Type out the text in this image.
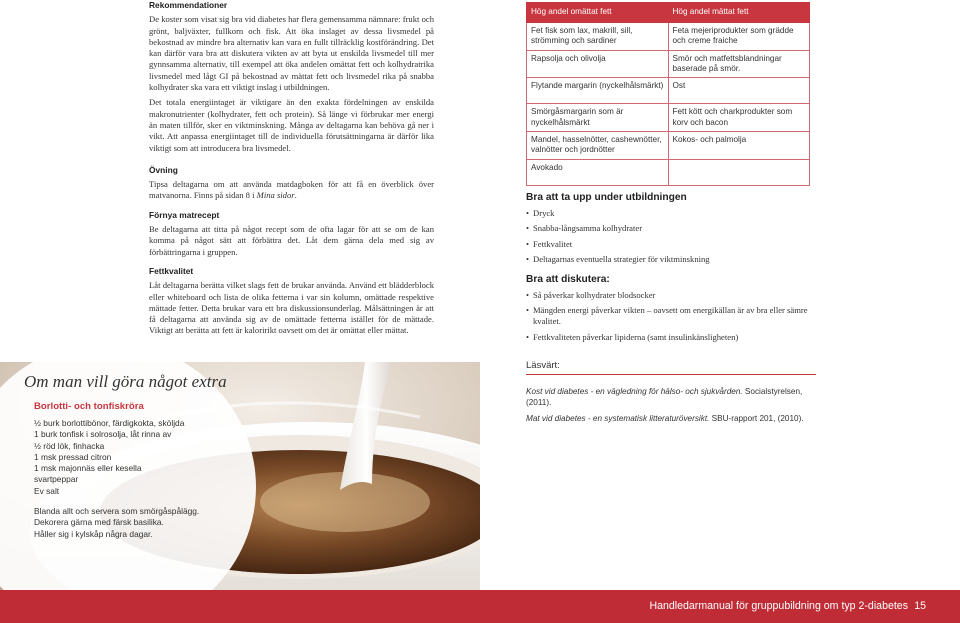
Rekommendationer

De koster som visat sig bra vid diabetes har flera gemensamma nämnare: frukt och grönt, baljväxter, fullkorn och fisk. Att öka inslaget av dessa livsmedel på bekostnad av mindre bra alternativ kan vara en fullt tillräcklig kostförändring. Det kan därför vara bra att diskutera vikten av att byta ut enskilda livsmedel till mer gynnsamma alternativ, till exempel att öka andelen omättat fett och kolhydratrika livsmedel med lågt GI på bekostnad av mättat fett och livsmedel rika på snabba kolhydrater ska vara ett viktigt inslag i utbildningen.

Det totala energiintaget är viktigare än den exakta fördelningen av enskilda makronutrienter (kolhydrater, fett och protein). Så länge vi förbrukar mer energi än maten tillför, sker en viktminskning. Många av deltagarna kan behöva gå ner i vikt. Att anpassa energiintaget till de individuella förutsättningarna är därför lika viktigt som att introducera bra livsmedel.

Övning

Tipsa deltagarna om att använda matdagboken för att få en överblick över matvanorna. Finns på sidan 8 i Mina sidor.

Förnya matrecept

Be deltagarna att titta på något recept som de ofta lagar för att se om de kan komma på något sätt att förbättra det. Låt dem gärna dela med sig av förbättringarna i gruppen.

Fettkvalitet

Låt deltagarna berätta vilket slags fett de brukar använda. Använd ett blädderblock eller whiteboard och lista de olika fetterna i var sin kolumn, omättade respektive mättade fetter. Detta brukar vara ett bra diskussionsunderlag. Målsättningen är att få deltagarna att använda sig av de omättade fetterna istället för de mättade. Viktigt att berätta att fett är kaloririkt oavsett om det är omättat eller mättat.

Hög andel omättat fett	Hög andel mättat fett
Fet fisk som lax, makrill, sill, strömming och sardiner	Feta mejeriprodukter som grädde och creme fraiche
Rapsolja och olivolja	Smör och matfettsblandningar baserade på smör.
Flytande margarin (nyckelhålsmärkt)	Ost
Smörgåsmargarin som är nyckelhålsmärkt	Fett kött och charkprodukter som korv och bacon
Mandel, hasselnötter, cashewnötter, valnötter och jordnötter	Kokos- och palmolja
Avokado	
Bra att ta upp under utbildningen
• Dryck
• Snabba-långsamma kolhydrater
• Fettkvalitet
• Deltagarnas eventuella strategier för viktminskning
Bra att diskutera:
• Så påverkar kolhydrater blodsocker
• Mängden energi påverkar vikten – oavsett om energikällan är av bra eller sämre kvalitet.
• Fettkvaliteten påverkar lipiderna (samt insulinkänsligheten)
Läsvärt:

Kost vid diabetes - en vägledning för hälso- och sjukvården. Socialstyrelsen, (2011).

Mat vid diabetes - en systematisk litteraturöversikt. SBU-rapport 201, (2010).

Om man vill göra något extra
Borlotti- och tonfiskröra
½ burk borlottibönor, färdigkokta, sköljda
1 burk tonfisk i solrosolja, låt rinna av
½ röd lök, finhacka
1 msk pressad citron
1 msk majonnäs eller kesella
svartpeppar
Ev salt
Blanda allt och servera som smörgåspålägg.
Dekorera gärna med färsk basilika.
Håller sig i kylskåp några dagar.
Handledarmanual för gruppubildning om typ 2-diabetes 15
